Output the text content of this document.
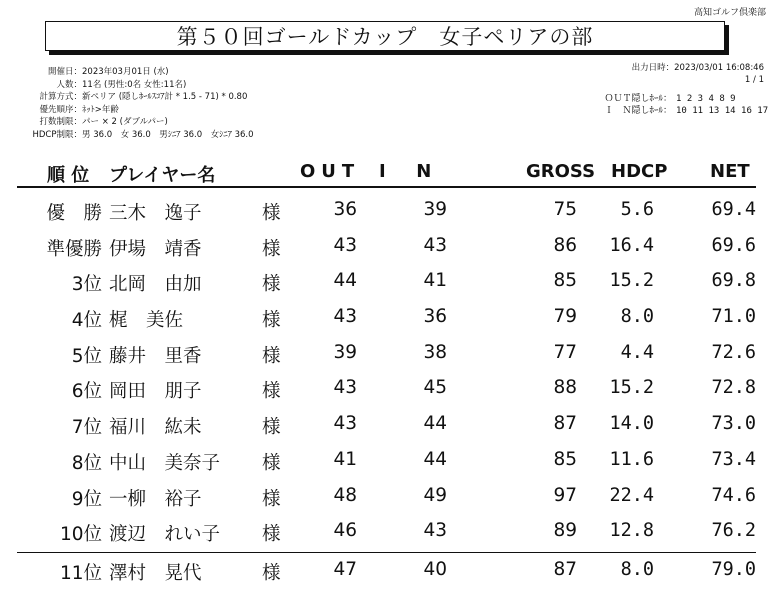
高知ゴルフ倶楽部
第５０回ゴールドカップ　女子ペリアの部
開催日： 2023年03月01日 (水)
人数： 11名 (男性:0名 女性:11名)
計算方式： 新ペリア (隠しﾎｰﾙｽｺｱ計 * 1.5 - 71) * 0.80
優先順序： ﾈｯﾄ>年齢
打数制限： パー × 2 (ダブルパー)
HDCP制限： 男 36.0　女 36.0　男ｼﾆｱ 36.0　女ｼﾆｱ 36.0
出力日時：2023/03/01 16:08:46
1 / 1
ＯＵＴ隠しﾎｰﾙ： 1 2 3 4 8 9
Ｉ　Ｎ隠しﾎｰﾙ： 10 11 13 14 16 17
順 位 プレイヤー名	OUT I  N	GROSS HDCP NET
優　勝 三木　逸子	様	36	39	75	5.6	69.4
準優勝 伊場　靖香	様	43	43	86	16.4	69.6
3位 北岡　由加	様	44	41	85	15.2	69.8
4位 梶　美佐	様	43	36	79	8.0	71.0
5位 藤井　里香	様	39	38	77	4.4	72.6
6位 岡田　朋子	様	43	45	88	15.2	72.8
7位 福川　紘未	様	43	44	87	14.0	73.0
8位 中山　美奈子 様	41	44	85	11.6	73.4
9位 一柳　裕子	様	48	49	97	22.4	74.6
10位 渡辺　れい子 様	46	43	89	12.8	76.2
11位 澤村　晃代	様	47	40	87	8.0	79.0
